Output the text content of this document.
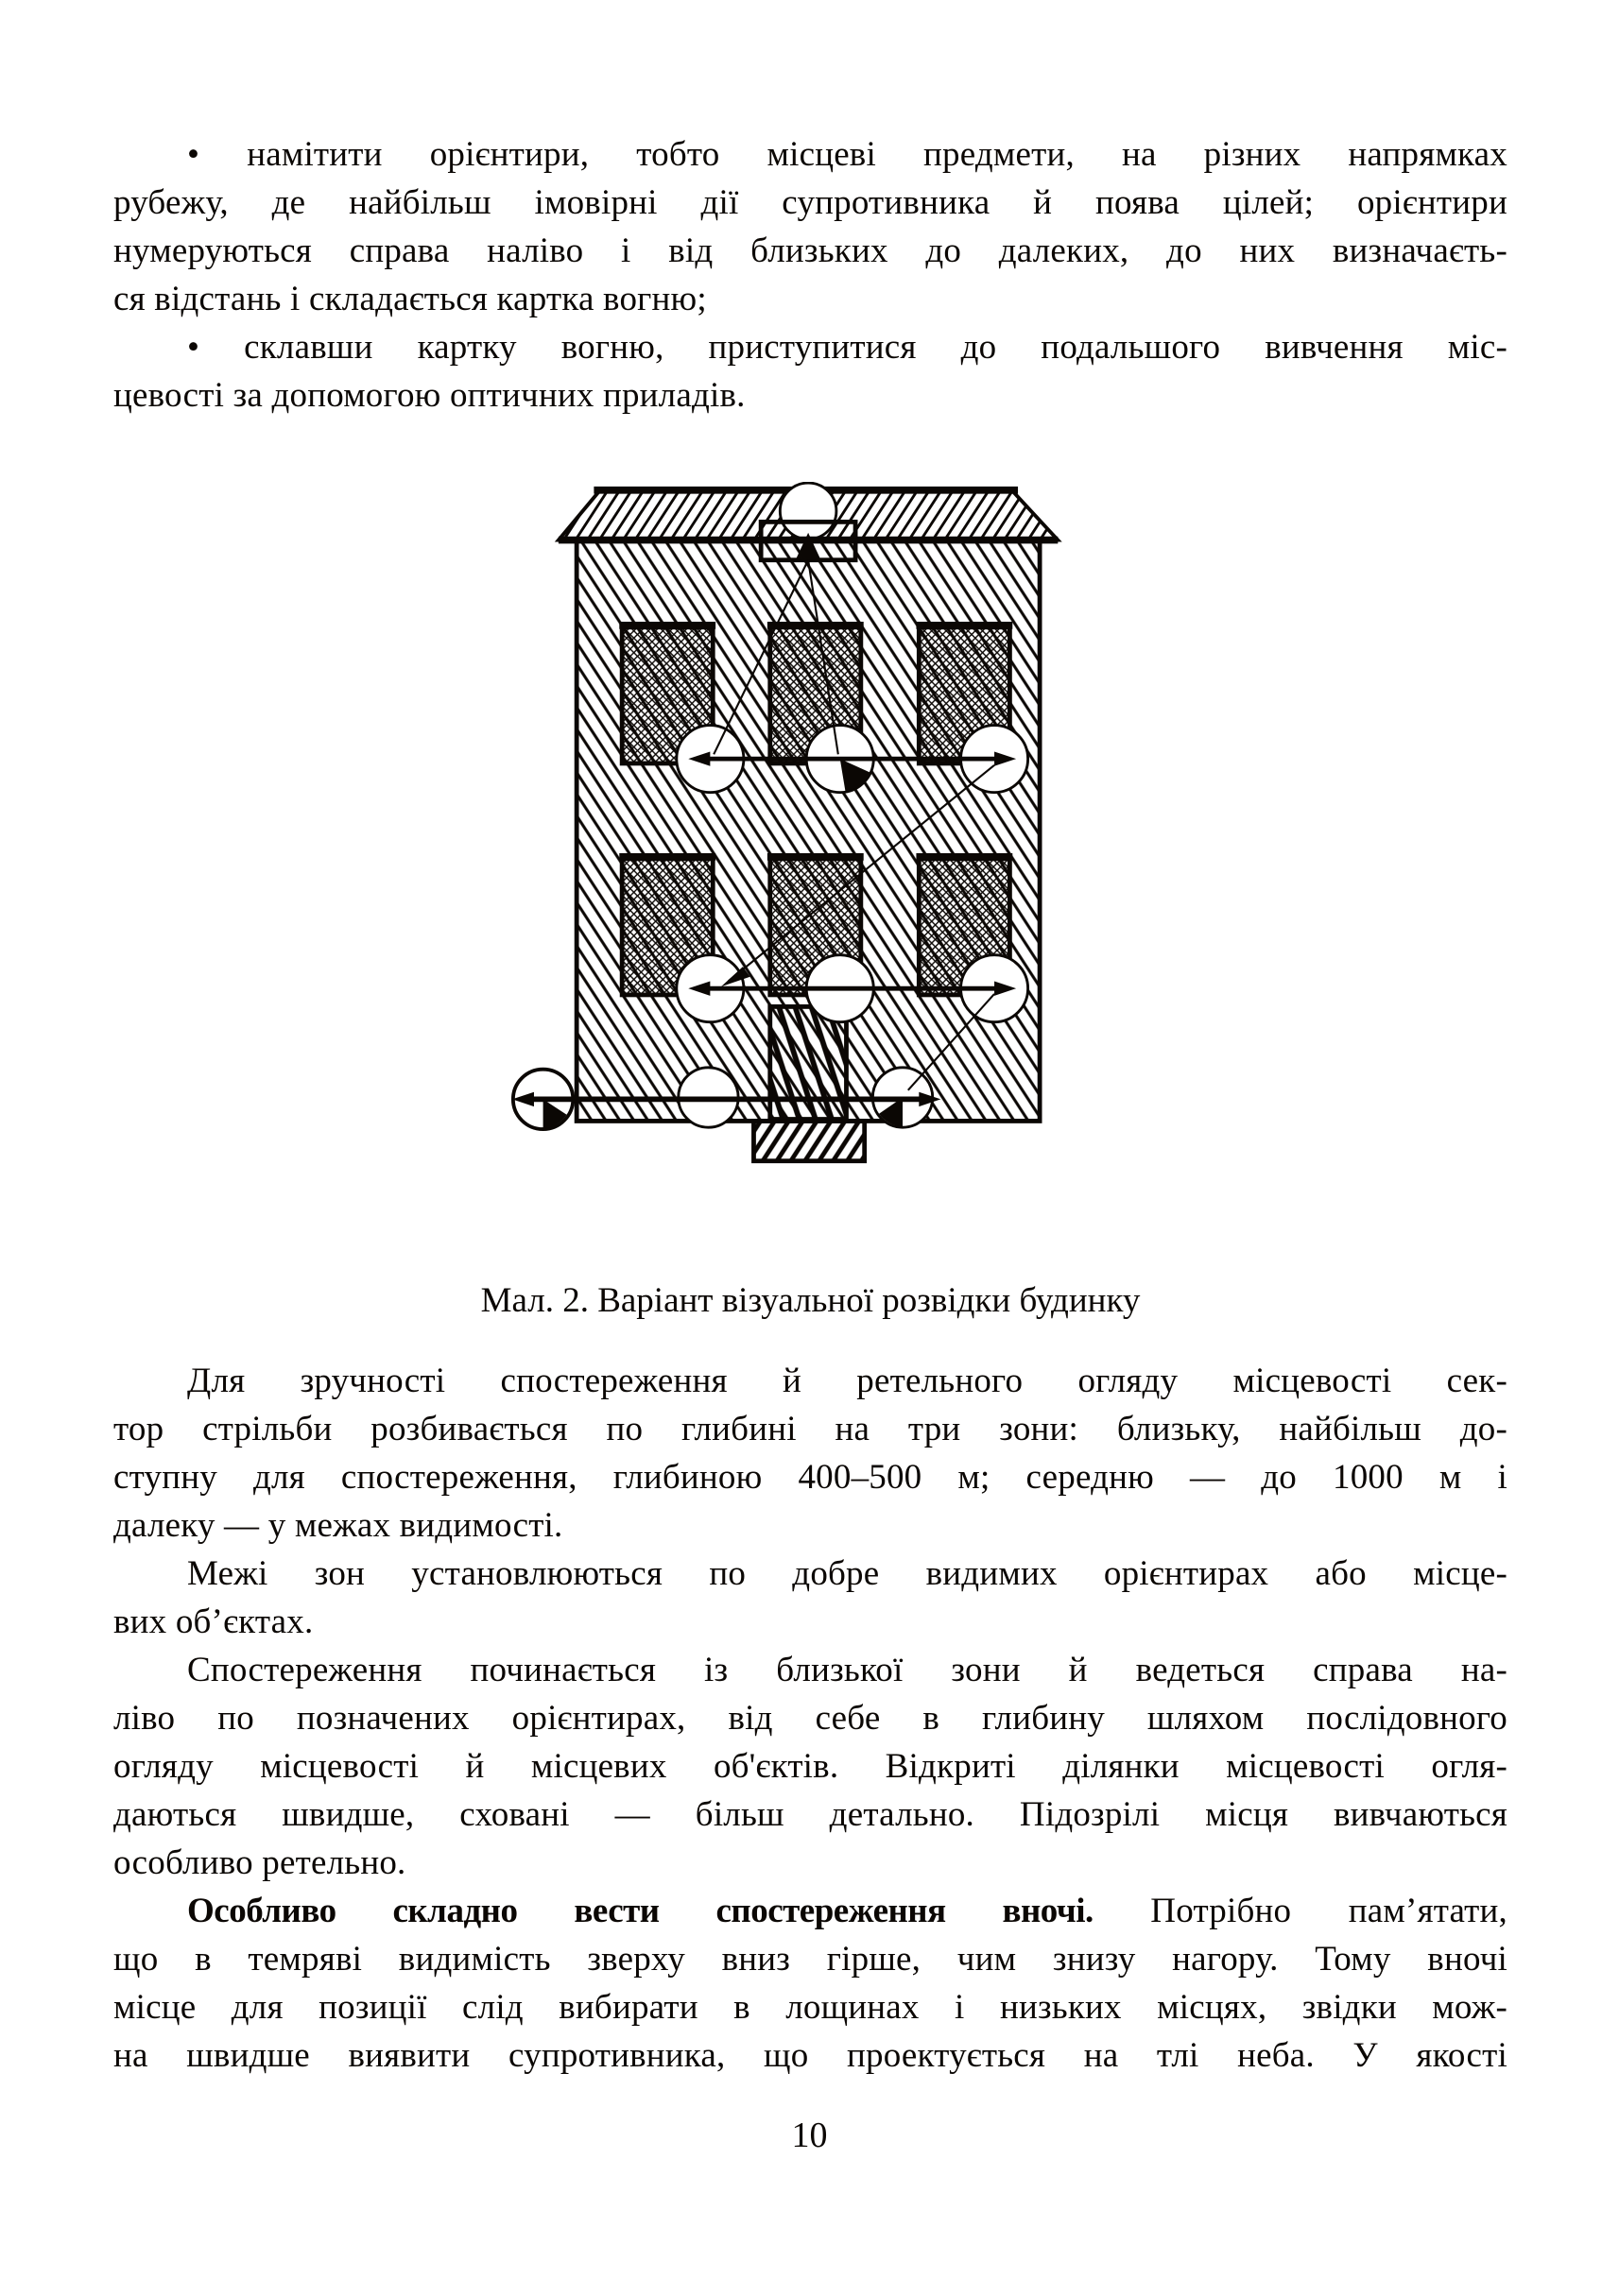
• намітити орієнтири, тобто місцеві предмети, на різних напрямках
рубежу, де найбільш імовірні дії супротивника й поява цілей; орієнтири
нумеруються справа наліво і від близьких до далеких, до них визначаєть-
ся відстань і складається картка вогню;
• склавши картку вогню, приступитися до подальшого вивчення міс-
цевості за допомогою оптичних приладів.
Мал. 2. Варіант візуальної розвідки будинку
Для зручності спостереження й ретельного огляду місцевості сек-
тор стрільби розбивається по глибині на три зони: близьку, найбільш до-
ступну для спостереження, глибиною 400–500 м; середню — до 1000 м і
далеку — у межах видимості.
Межі зон установлюються по добре видимих орієнтирах або місце-
вих об’єктах.
Спостереження починається із близької зони й ведеться справа на-
ліво по позначених орієнтирах, від себе в глибину шляхом послідовного
огляду місцевості й місцевих об'єктів. Відкриті ділянки місцевості огля-
даються швидше, сховані — більш детально. Підозрілі місця вивчаються
особливо ретельно.
Особливо складно вести спостереження вночі. Потрібно пам’ятати,
що в темряві видимість зверху вниз гірше, чим знизу нагору. Тому вночі
місце для позиції слід вибирати в лощинах і низьких місцях, звідки мож-
на швидше виявити супротивника, що проектується на тлі неба. У якості
10
